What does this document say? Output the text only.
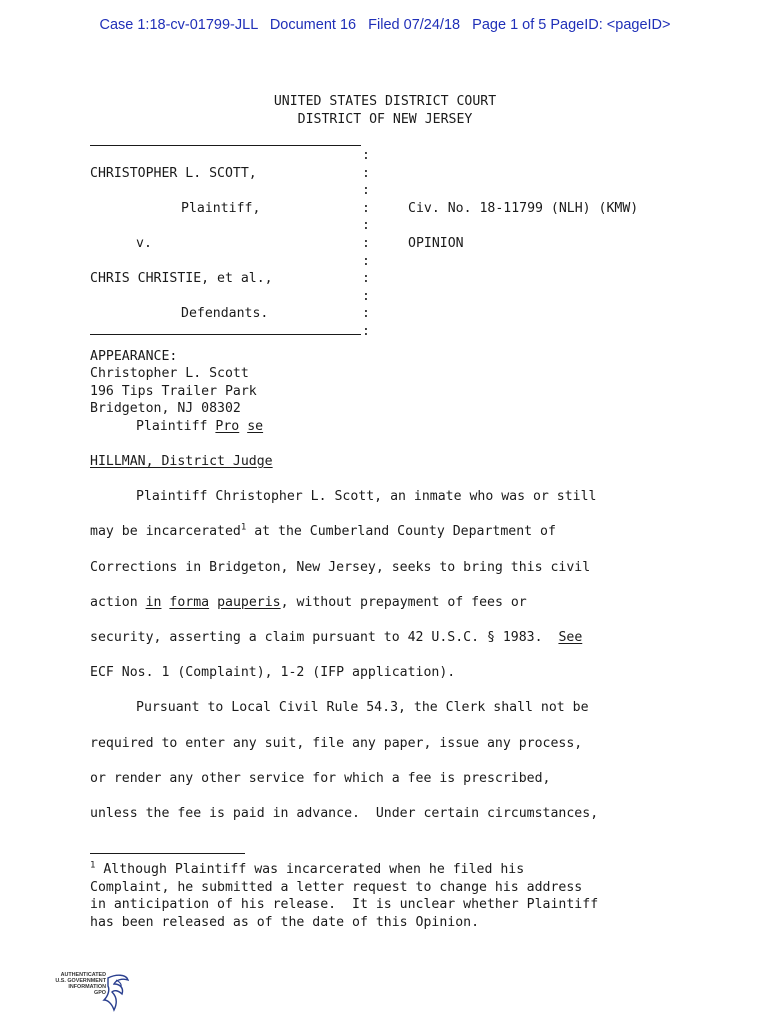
Case 1:18-cv-01799-JLL Document 16 Filed 07/24/18 Page 1 of 5 PageID: <pageID>
UNITED STATES DISTRICT COURT
DISTRICT OF NEW JERSEY
:
:
:
:
:
:
:
:
:
:
:
CHRISTOPHER L. SCOTT,
Plaintiff,	Civ. No. 18-11799 (NLH) (KMW)
v.	OPINION
CHRIS CHRISTIE, et al.,
Defendants.
APPEARANCE:
Christopher L. Scott
196 Tips Trailer Park
Bridgeton, NJ 08302
Plaintiff Pro se
HILLMAN, District Judge
Plaintiff Christopher L. Scott, an inmate who was or still
may be incarcerated$^1$ at the Cumberland County Department of
Corrections in Bridgeton, New Jersey, seeks to bring this civil
action in forma pauperis, without prepayment of fees or
security, asserting a claim pursuant to 42 U.S.C. § 1983.  See
ECF Nos. 1 (Complaint), 1-2 (IFP application).
Pursuant to Local Civil Rule 54.3, the Clerk shall not be
required to enter any suit, file any paper, issue any process,
or render any other service for which a fee is prescribed,
unless the fee is paid in advance.  Under certain circumstances,
$^1$ Although Plaintiff was incarcerated when he filed his
Complaint, he submitted a letter request to change his address
in anticipation of his release.  It is unclear whether Plaintiff
has been released as of the date of this Opinion.
AUTHENTICATED
U.S. GOVERNMENT
INFORMATION
GPO
